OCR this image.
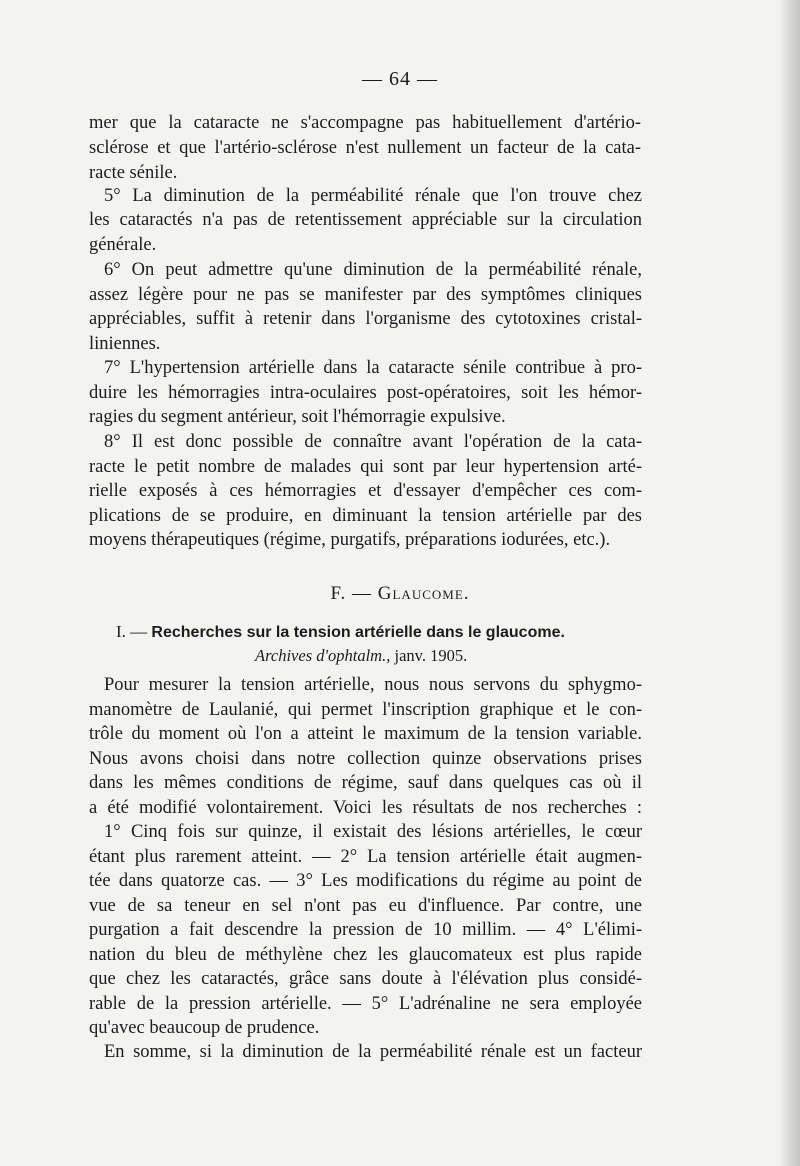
— 64 —
mer que la cataracte ne s'accompagne pas habituellement d'artério-
sclérose et que l'artério-sclérose n'est nullement un facteur de la cata-
racte sénile.
5° La diminution de la perméabilité rénale que l'on trouve chez
les cataractés n'a pas de retentissement appréciable sur la circulation
générale.
6° On peut admettre qu'une diminution de la perméabilité rénale,
assez légère pour ne pas se manifester par des symptômes cliniques
appréciables, suffit à retenir dans l'organisme des cytotoxines cristal-
liniennes.
7° L'hypertension artérielle dans la cataracte sénile contribue à pro-
duire les hémorragies intra-oculaires post-opératoires, soit les hémor-
ragies du segment antérieur, soit l'hémorragie expulsive.
8° Il est donc possible de connaître avant l'opération de la cata-
racte le petit nombre de malades qui sont par leur hypertension arté-
rielle exposés à ces hémorragies et d'essayer d'empêcher ces com-
plications de se produire, en diminuant la tension artérielle par des
moyens thérapeutiques (régime, purgatifs, préparations iodurées, etc.).
F. — Glaucome.
I. — Recherches sur la tension artérielle dans le glaucome.
Archives d'ophtalm., janv. 1905.
Pour mesurer la tension artérielle, nous nous servons du sphygmo-
manomètre de Laulanié, qui permet l'inscription graphique et le con-
trôle du moment où l'on a atteint le maximum de la tension variable.
Nous avons choisi dans notre collection quinze observations prises
dans les mêmes conditions de régime, sauf dans quelques cas où il
a été modifié volontairement. Voici les résultats de nos recherches :
1° Cinq fois sur quinze, il existait des lésions artérielles, le cœur
étant plus rarement atteint. — 2° La tension artérielle était augmen-
tée dans quatorze cas. — 3° Les modifications du régime au point de
vue de sa teneur en sel n'ont pas eu d'influence. Par contre, une
purgation a fait descendre la pression de 10 millim. — 4° L'élimi-
nation du bleu de méthylène chez les glaucomateux est plus rapide
que chez les cataractés, grâce sans doute à l'élévation plus considé-
rable de la pression artérielle. — 5° L'adrénaline ne sera employée
qu'avec beaucoup de prudence.
En somme, si la diminution de la perméabilité rénale est un facteur
